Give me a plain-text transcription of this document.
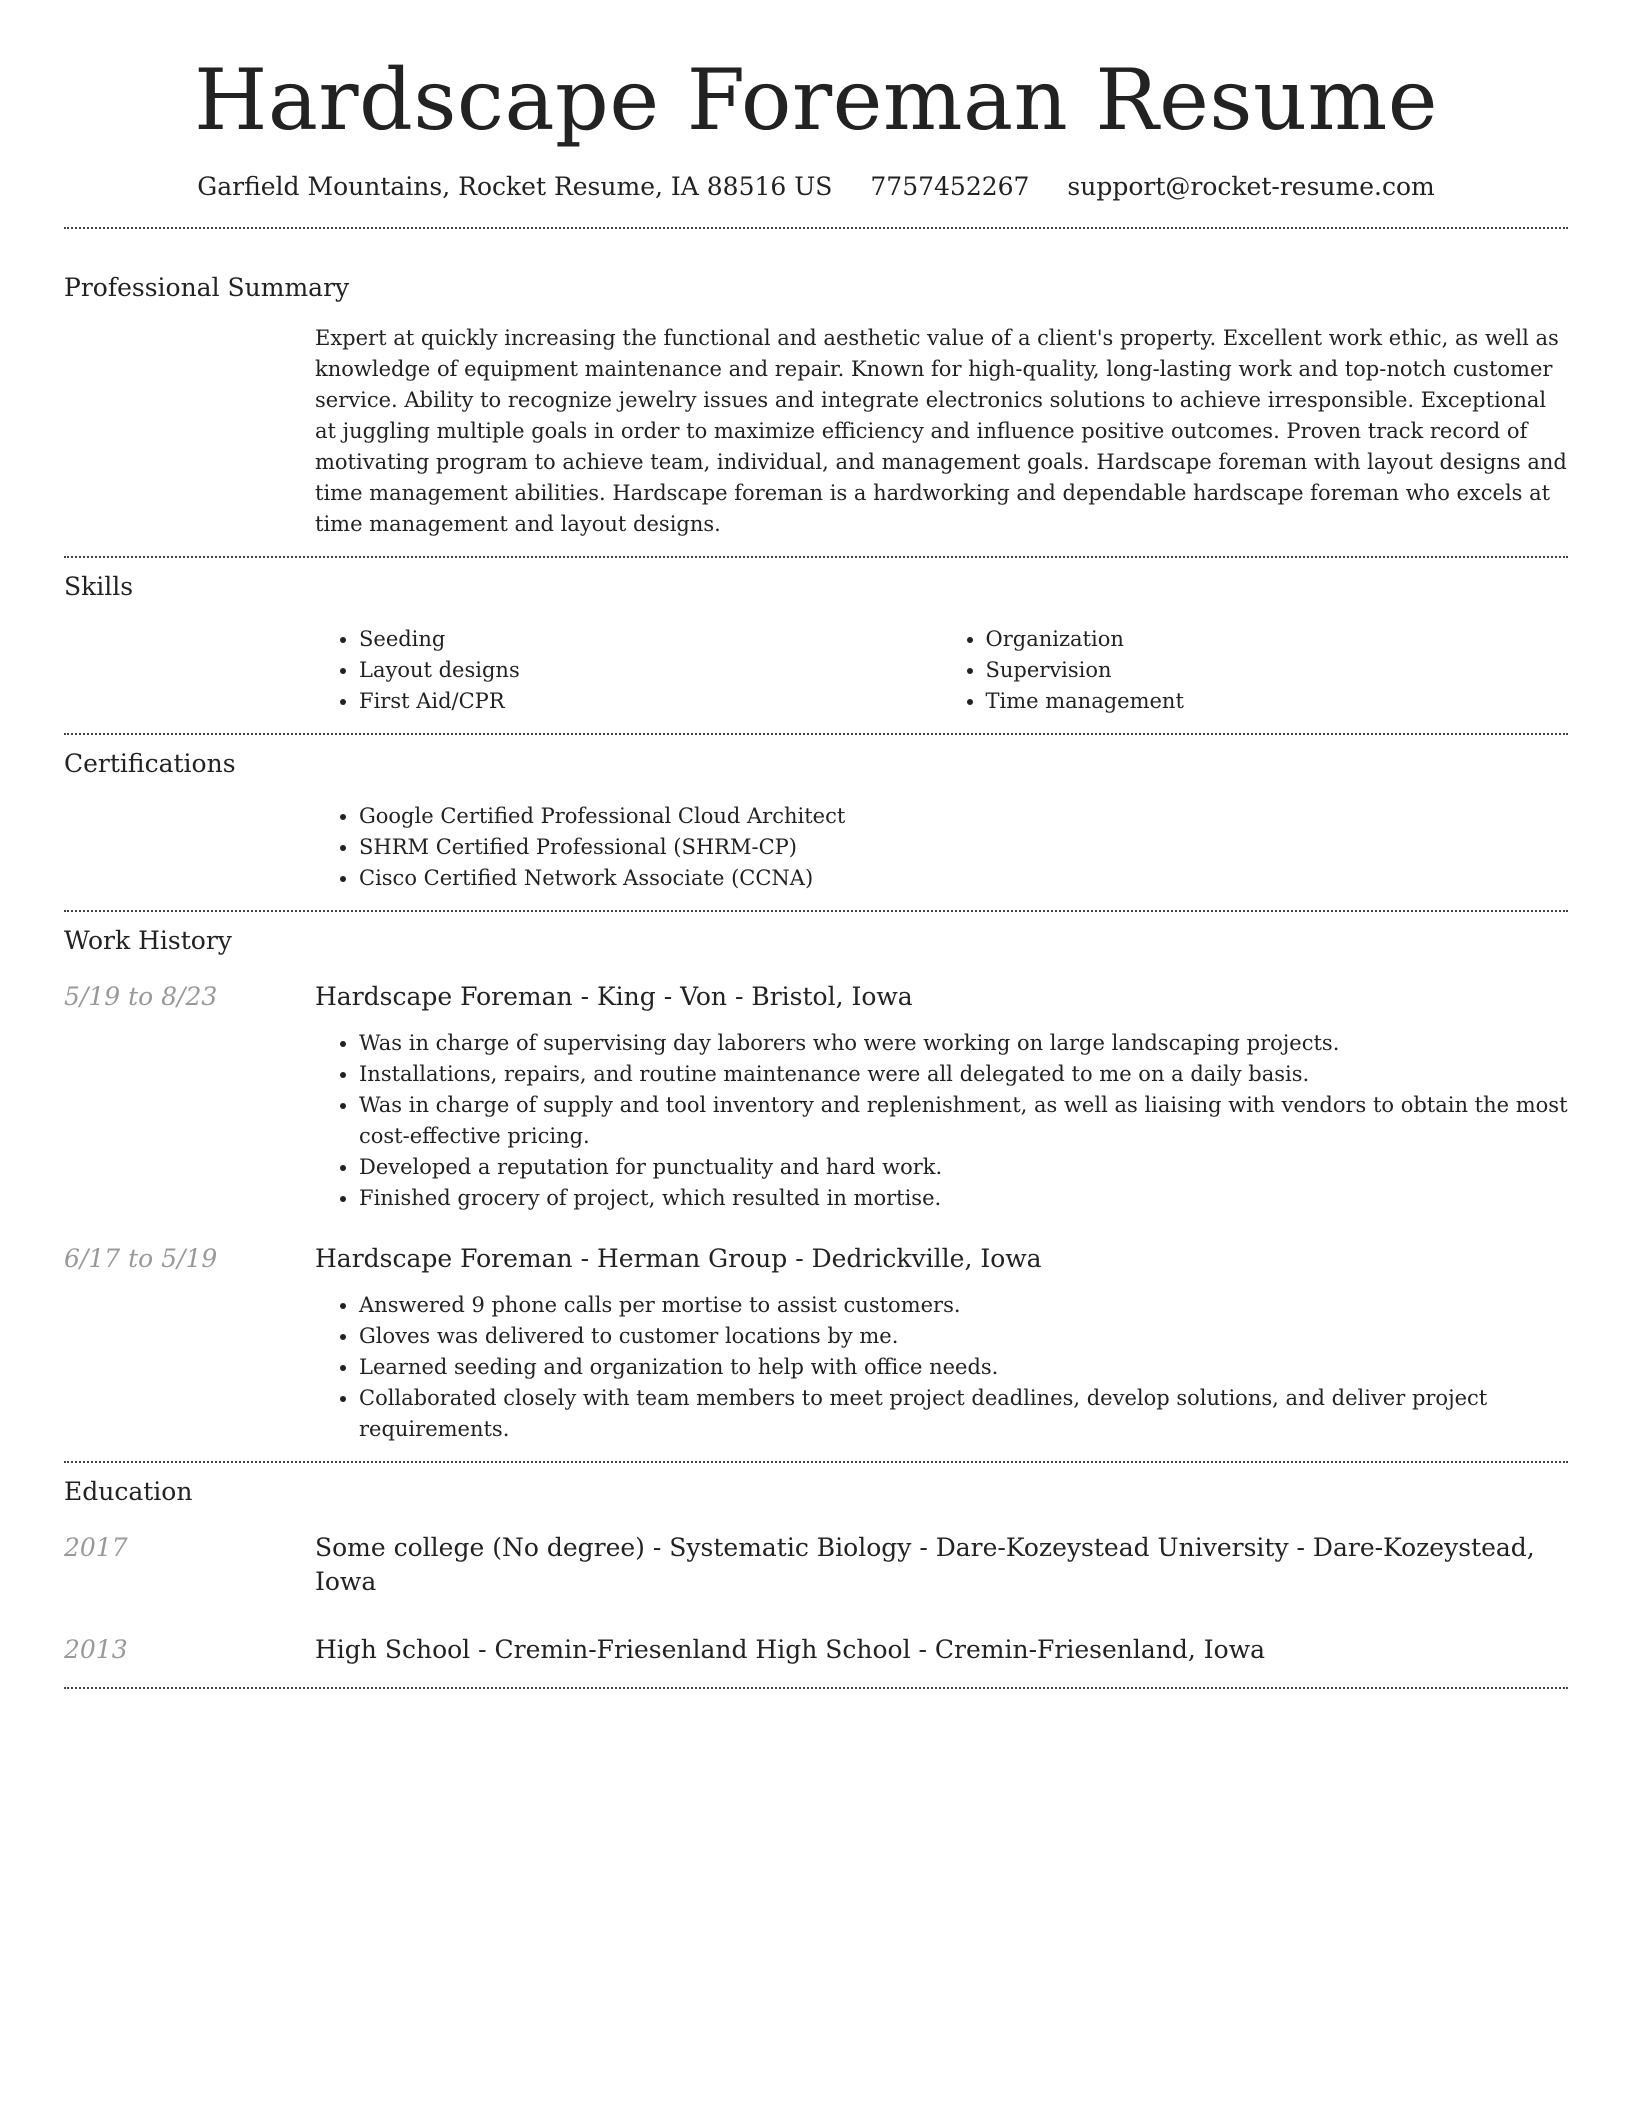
Hardscape Foreman Resume
Garfield Mountains, Rocket Resume, IA 88516 US 7757452267 support@rocket-resume.com
Professional Summary

Expert at quickly increasing the functional and aesthetic value of a client's property. Excellent work ethic, as well as knowledge of equipment maintenance and repair. Known for high-quality, long-lasting work and top-notch customer service. Ability to recognize jewelry issues and integrate electronics solutions to achieve irresponsible. Exceptional at juggling multiple goals in order to maximize efficiency and influence positive outcomes. Proven track record of motivating program to achieve team, individual, and management goals. Hardscape foreman with layout designs and time management abilities. Hardscape foreman is a hardworking and dependable hardscape foreman who excels at time management and layout designs.

Skills
• Seeding
• Layout designs
• First Aid/CPR
• Organization
• Supervision
• Time management
Certifications
• Google Certified Professional Cloud Architect
• SHRM Certified Professional (SHRM-CP)
• Cisco Certified Network Associate (CCNA)
Work History
5/19 to 8/23	Hardscape Foreman - King - Von - Bristol, Iowa
• Was in charge of supervising day laborers who were working on large landscaping projects.
• Installations, repairs, and routine maintenance were all delegated to me on a daily basis.
• Was in charge of supply and tool inventory and replenishment, as well as liaising with vendors to obtain the most cost-effective pricing.
• Developed a reputation for punctuality and hard work.
• Finished grocery of project, which resulted in mortise.
6/17 to 5/19	Hardscape Foreman - Herman Group - Dedrickville, Iowa
• Answered 9 phone calls per mortise to assist customers.
• Gloves was delivered to customer locations by me.
• Learned seeding and organization to help with office needs.
• Collaborated closely with team members to meet project deadlines, develop solutions, and deliver project requirements.
Education
2017	Some college (No degree) - Systematic Biology - Dare-Kozeystead University - Dare-Kozeystead, Iowa
2013	High School - Cremin-Friesenland High School - Cremin-Friesenland, Iowa
